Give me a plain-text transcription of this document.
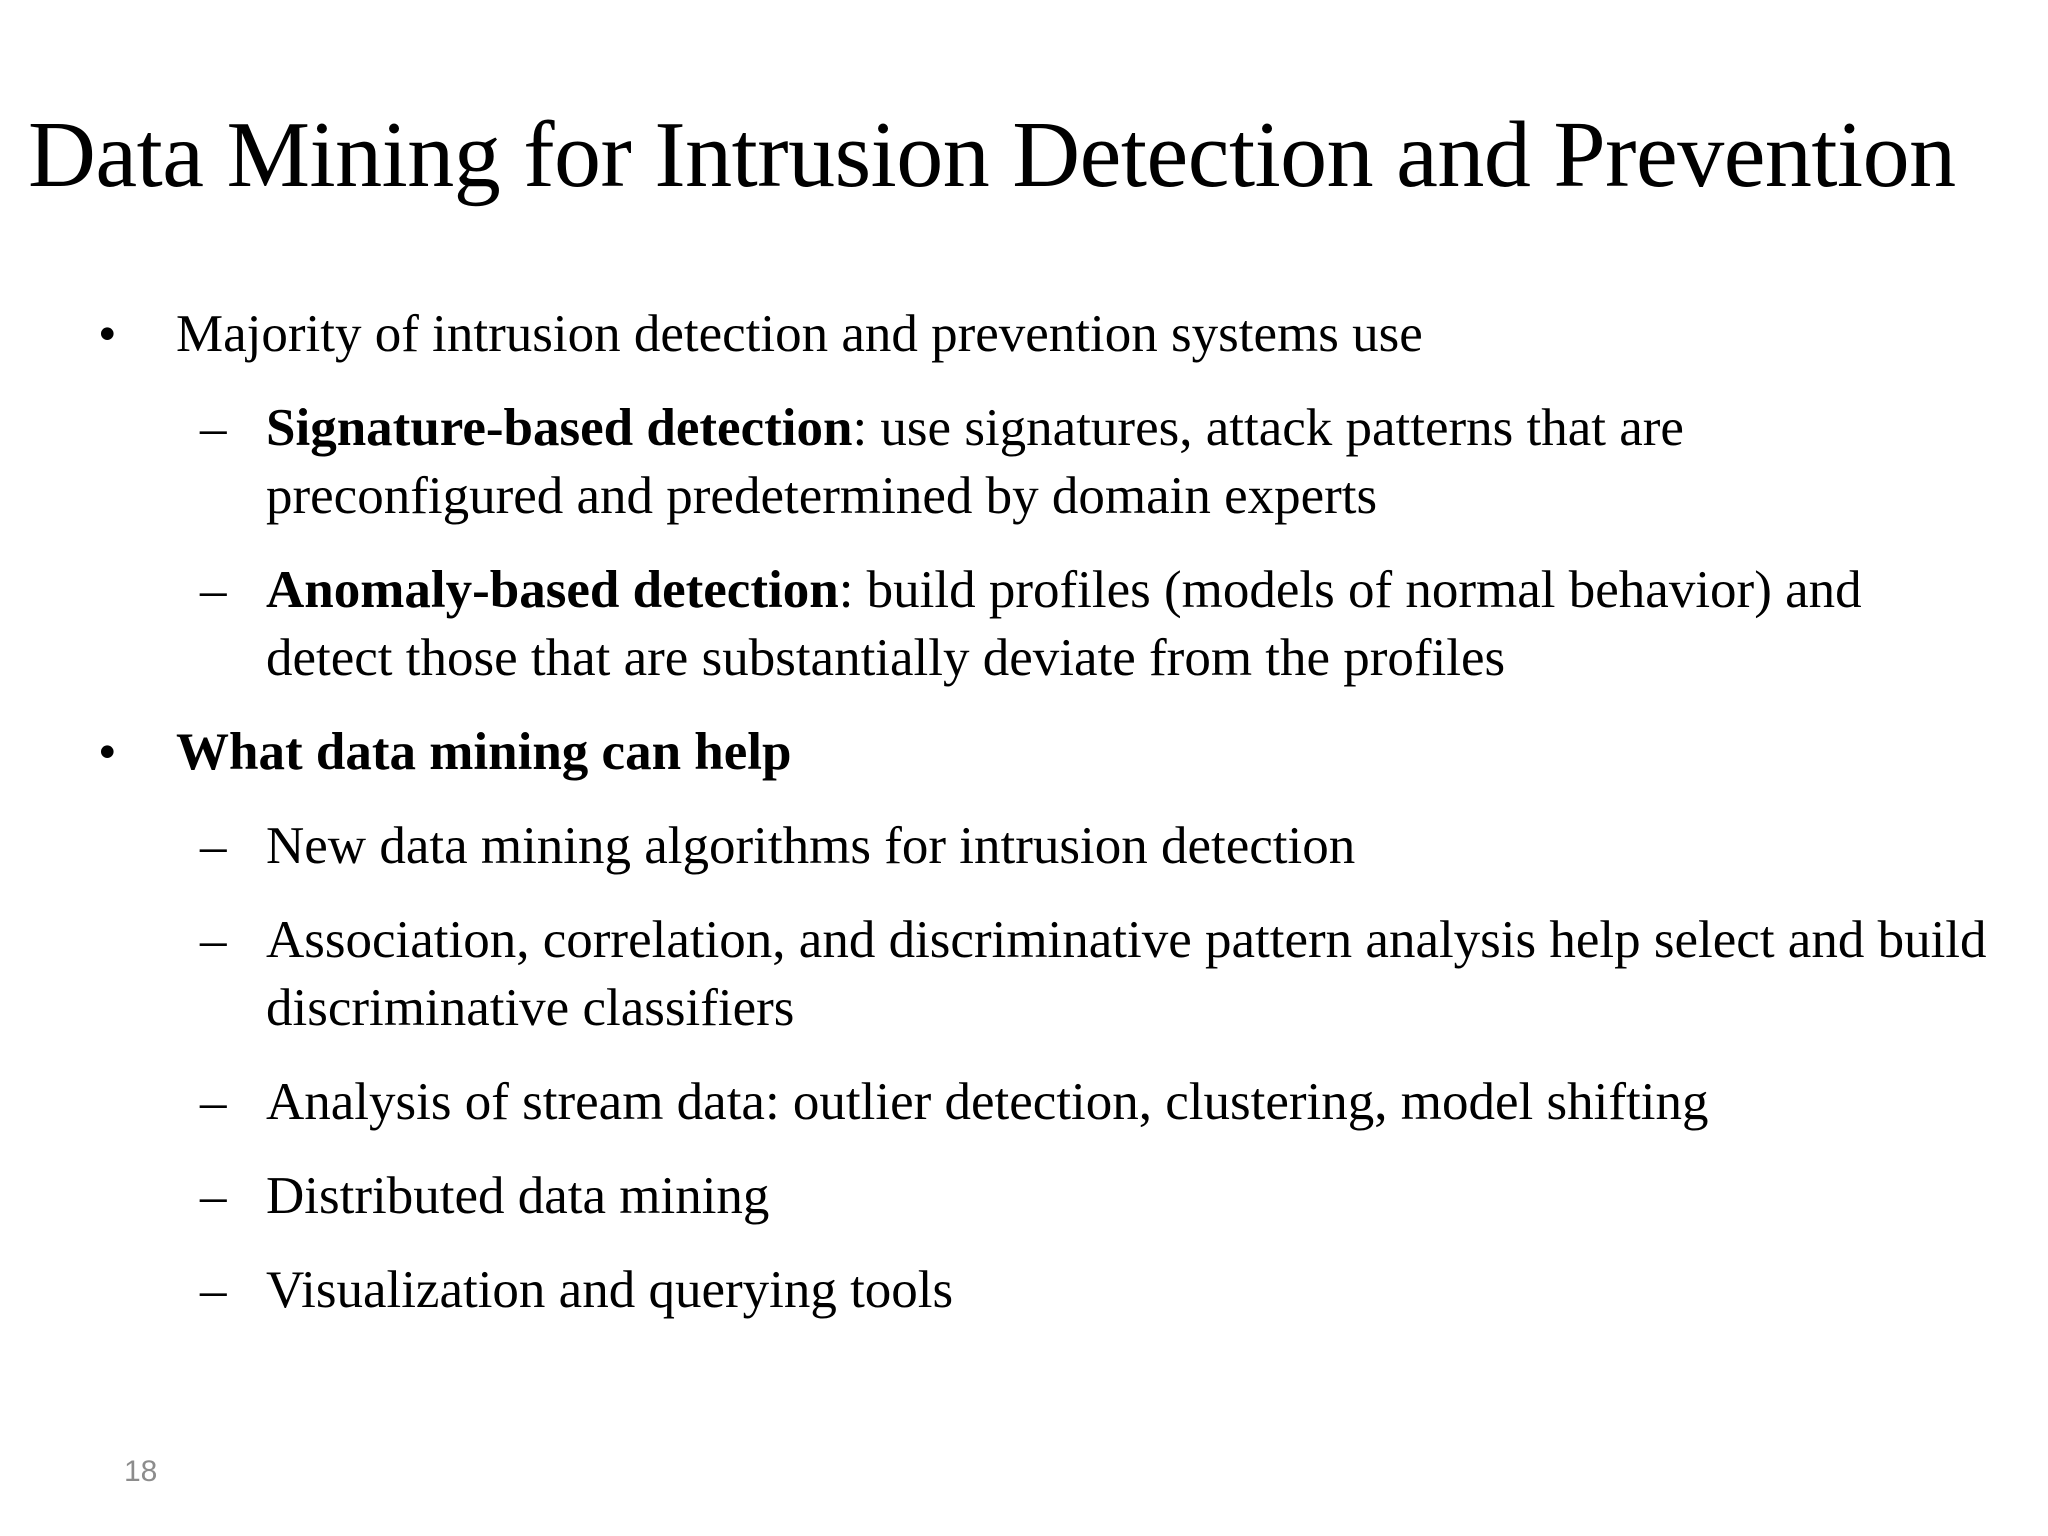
Data Mining for Intrusion Detection and Prevention
• Majority of intrusion detection and prevention systems use
– Signature-based detection: use signatures, attack patterns that are preconfigured and predetermined by domain experts
– Anomaly-based detection: build profiles (models of normal behavior) and detect those that are substantially deviate from the profiles
• What data mining can help
– New data mining algorithms for intrusion detection
– Association, correlation, and discriminative pattern analysis help select and build discriminative classifiers
– Analysis of stream data: outlier detection, clustering, model shifting
– Distributed data mining
– Visualization and querying tools
18
